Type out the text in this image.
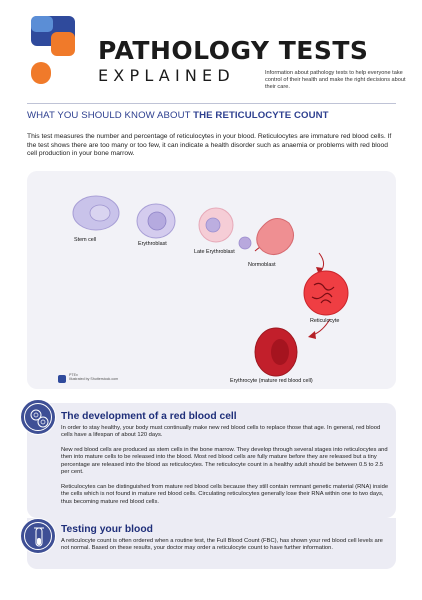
PATHOLOGY TESTS
EXPLAINED	Information about pathology tests to help everyone take control of their health and make the right decisions about their care.
WHAT YOU SHOULD KNOW ABOUT THE RETICULOCYTE COUNT

This test measures the number and percentage of reticulocytes in your blood. Reticulocytes are immature red blood cells. If the test shows there are too many or too few, it can indicate a health disorder such as anaemia or problems with red blood cell production in your bone marrow.

Stem cell
Erythroblast
Late Erythroblast
Normoblast
Reticulocyte
Erythrocyte (mature red blood cell)
PTEx
Illustrated by Shutterstock.com
The development of a red blood cell

In order to stay healthy, your body must continually make new red blood cells to replace those that age. In general, red blood cells have a lifespan of about 120 days.

New red blood cells are produced as stem cells in the bone marrow. They develop through several stages into reticulocytes and then into mature cells to be released into the blood. Most red blood cells are fully mature before they are released but a tiny percentage are released into the blood as reticulocytes. The reticulocyte count in a healthy adult should be between 0.5 to 2.5 per cent.

Reticulocytes can be distinguished from mature red blood cells because they still contain remnant genetic material (RNA) inside the cells which is not found in mature red blood cells. Circulating reticulocytes generally lose their RNA within one to two days, thus becoming mature red blood cells.

Testing your blood

A reticulocyte count is often ordered when a routine test, the Full Blood Count (FBC), has shown your red blood cell levels are not normal. Based on these results, your doctor may order a reticulocyte count to have further information.
